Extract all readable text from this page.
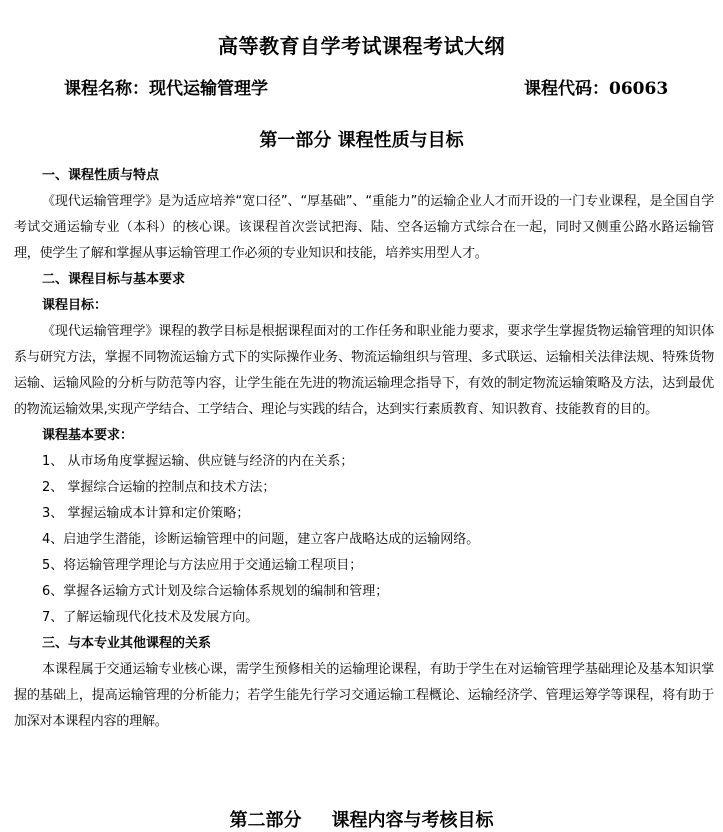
高等教育自学考试课程考试大纲
课程名称：现代运输管理学	课程代码：06063
第一部分 课程性质与目标

一、课程性质与特点

《现代运输管理学》是为适应培养“宽口径”、“厚基础”、“重能力”的运输企业人才而开设的一门专业课程，是全国自学考试交通运输专业（本科）的核心课。该课程首次尝试把海、陆、空各运输方式综合在一起，同时又侧重公路水路运输管理，使学生了解和掌握从事运输管理工作必须的专业知识和技能，培养实用型人才。

二、课程目标与基本要求

课程目标：

《现代运输管理学》课程的教学目标是根据课程面对的工作任务和职业能力要求，要求学生掌握货物运输管理的知识体系与研究方法，掌握不同物流运输方式下的实际操作业务、物流运输组织与管理、多式联运、运输相关法律法规、特殊货物运输、运输风险的分析与防范等内容，让学生能在先进的物流运输理念指导下，有效的制定物流运输策略及方法，达到最优的物流运输效果,实现产学结合、工学结合、理论与实践的结合，达到实行素质教育、知识教育、技能教育的目的。

课程基本要求：

1、 从市场角度掌握运输、供应链与经济的内在关系；
2、 掌握综合运输的控制点和技术方法；
3、 掌握运输成本计算和定价策略；
4、启迪学生潜能，诊断运输管理中的问题，建立客户战略达成的运输网络。
5、将运输管理学理论与方法应用于交通运输工程项目；
6、掌握各运输方式计划及综合运输体系规划的编制和管理；
7、了解运输现代化技术及发展方向。

三、与本专业其他课程的关系

本课程属于交通运输专业核心课，需学生预修相关的运输理论课程，有助于学生在对运输管理学基础理论及基本知识掌握的基础上，提高运输管理的分析能力；若学生能先行学习交通运输工程概论、运输经济学、管理运筹学等课程，将有助于加深对本课程内容的理解。

第二部分 课程内容与考核目标
